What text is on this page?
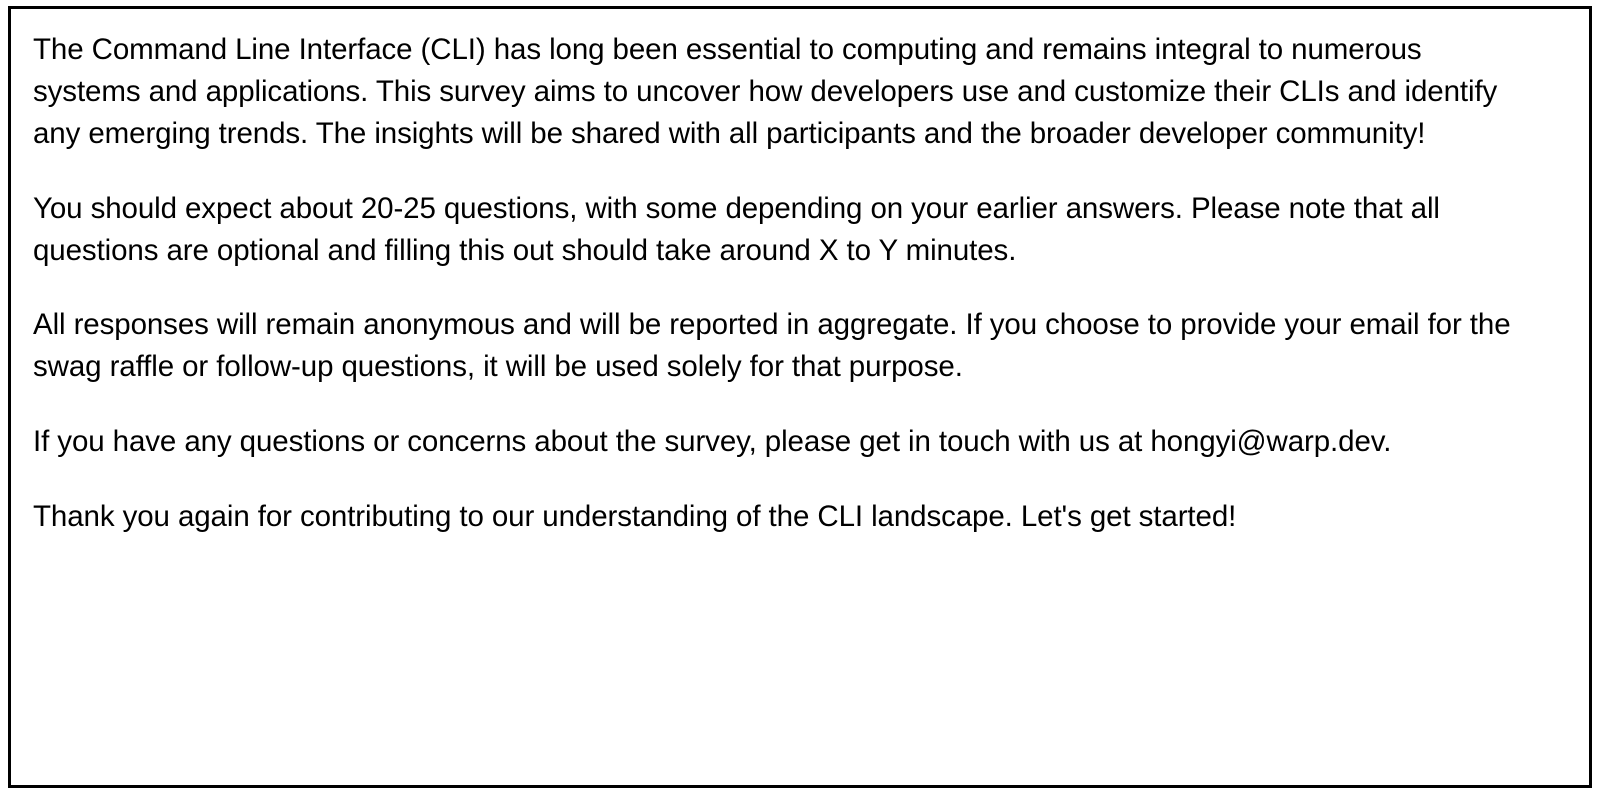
The Command Line Interface (CLI) has long been essential to computing and remains integral to numerous systems and applications. This survey aims to uncover how developers use and customize their CLIs and identify any emerging trends. The insights will be shared with all participants and the broader developer community!

You should expect about 20-25 questions, with some depending on your earlier answers. Please note that all questions are optional and filling this out should take around X to Y minutes.

All responses will remain anonymous and will be reported in aggregate. If you choose to provide your email for the swag raffle or follow-up questions, it will be used solely for that purpose.

If you have any questions or concerns about the survey, please get in touch with us at hongyi@warp.dev.

Thank you again for contributing to our understanding of the CLI landscape. Let's get started!
